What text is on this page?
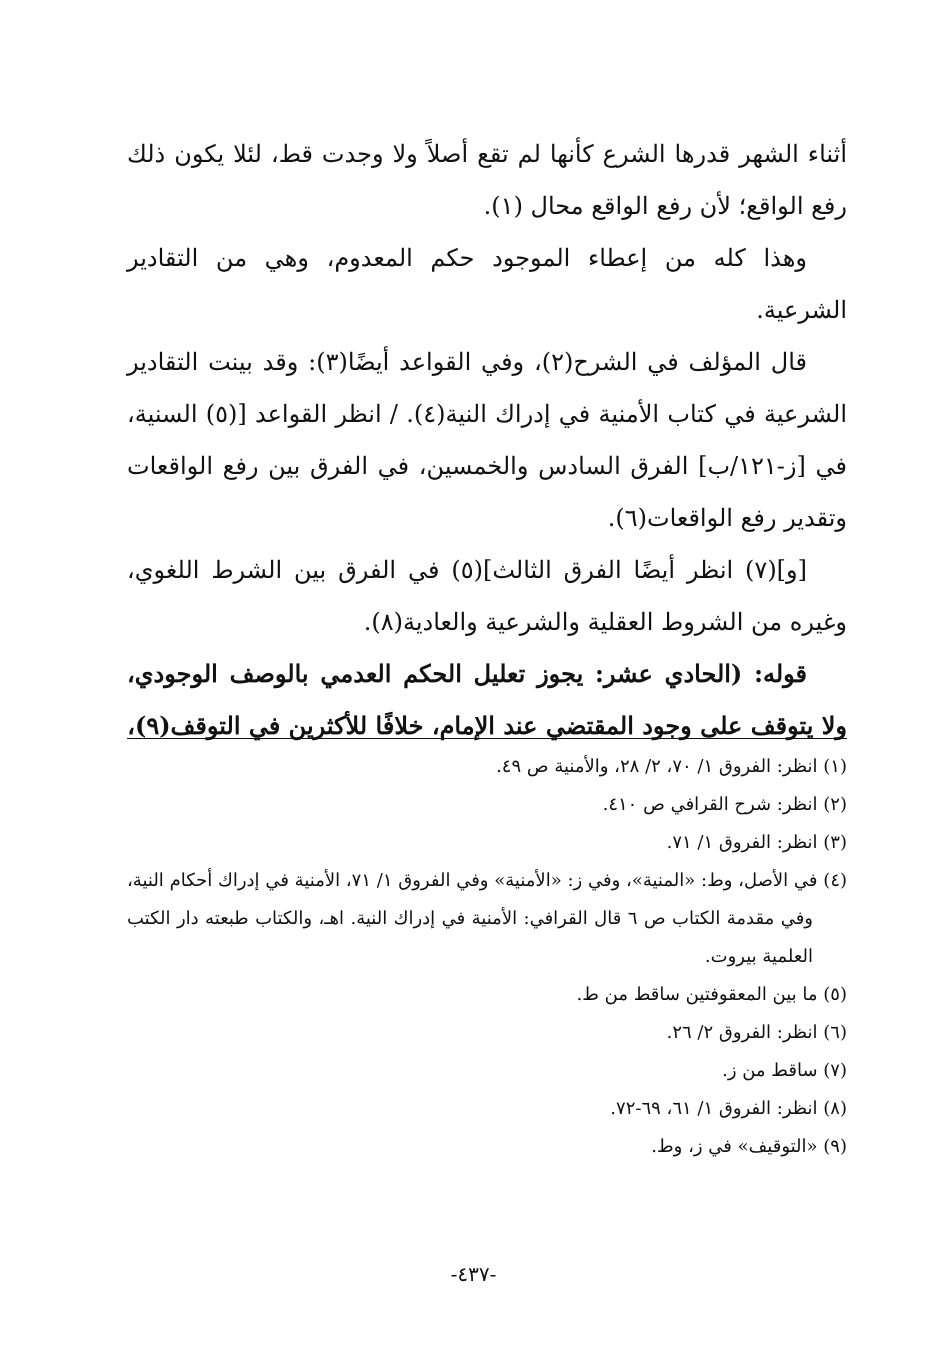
أثناء الشهر قدرها الشرع كأنها لم تقع أصلاً ولا وجدت قط، لئلا يكون ذلك رفع الواقع؛ لأن رفع الواقع محال (١).

وهذا كله من إعطاء الموجود حكم المعدوم، وهي من التقادير الشرعية.

قال المؤلف في الشرح(٢)، وفي القواعد أيضًا(٣): وقد بينت التقادير الشرعية في كتاب الأمنية في إدراك النية(٤). / انظر القواعد [(٥) السنية، في [ز-١٢١/ب] الفرق السادس والخمسين، في الفرق بين رفع الواقعات وتقدير رفع الواقعات(٦).

[و](٧) انظر أيضًا الفرق الثالث](٥) في الفرق بين الشرط اللغوي، وغيره من الشروط العقلية والشرعية والعادية(٨).

قوله: (الحادي عشر: يجوز تعليل الحكم العدمي بالوصف الوجودي، ولا يتوقف على وجود المقتضي عند الإمام، خلافًا للأكثرين في التوقف(٩)،

(١) انظر: الفروق ١/ ٧٠، ٢/ ٢٨، والأمنية ص ٤٩.

(٢) انظر: شرح القرافي ص ٤١٠.

(٣) انظر: الفروق ١/ ٧١.

(٤) في الأصل، وط: «المنية»، وفي ز: «الأمنية» وفي الفروق ١/ ٧١، الأمنية في إدراك أحكام النية، وفي مقدمة الكتاب ص ٦ قال القرافي: الأمنية في إدراك النية. اهـ، والكتاب طبعته دار الكتب العلمية بيروت.

(٥) ما بين المعقوفتين ساقط من ط.

(٦) انظر: الفروق ٢/ ٢٦.

(٧) ساقط من ز.

(٨) انظر: الفروق ١/ ٦١، ٦٩-٧٢.

(٩) «التوقيف» في ز، وط.

-٤٣٧-
